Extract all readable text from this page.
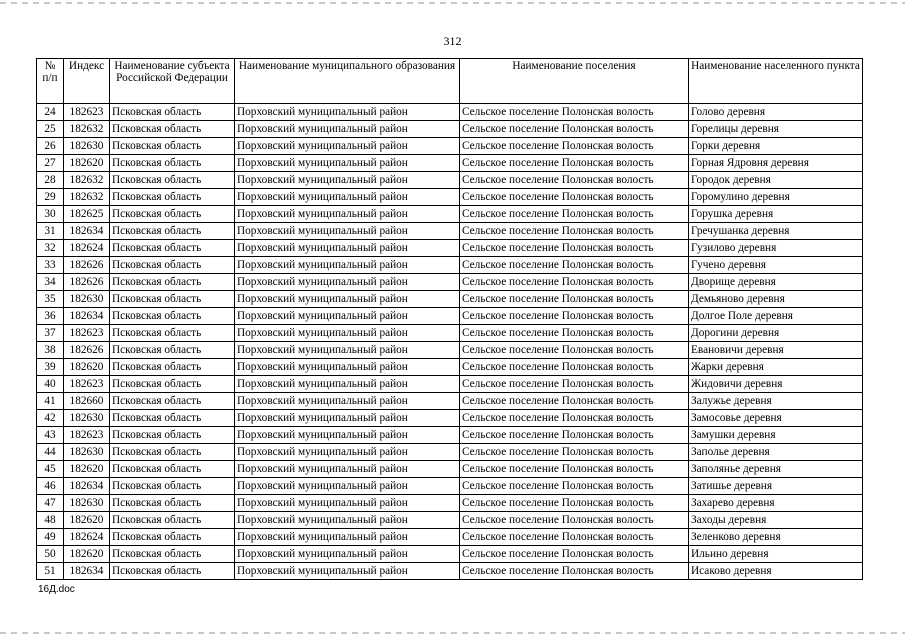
312
№ п/п	Индекс	Наименование субъекта Российской Федерации	Наименование муниципального образования	Наименование поселения	Наименование населенного пункта
24	182623	Псковская область	Порховский муниципальный район	Сельское поселение Полонская волость	Голово деревня
25	182632	Псковская область	Порховский муниципальный район	Сельское поселение Полонская волость	Горелицы деревня
26	182630	Псковская область	Порховский муниципальный район	Сельское поселение Полонская волость	Горки деревня
27	182620	Псковская область	Порховский муниципальный район	Сельское поселение Полонская волость	Горная Ядровня деревня
28	182632	Псковская область	Порховский муниципальный район	Сельское поселение Полонская волость	Городок деревня
29	182632	Псковская область	Порховский муниципальный район	Сельское поселение Полонская волость	Горомулино деревня
30	182625	Псковская область	Порховский муниципальный район	Сельское поселение Полонская волость	Горушка деревня
31	182634	Псковская область	Порховский муниципальный район	Сельское поселение Полонская волость	Гречушанка деревня
32	182624	Псковская область	Порховский муниципальный район	Сельское поселение Полонская волость	Гузилово деревня
33	182626	Псковская область	Порховский муниципальный район	Сельское поселение Полонская волость	Гучено деревня
34	182626	Псковская область	Порховский муниципальный район	Сельское поселение Полонская волость	Дворище деревня
35	182630	Псковская область	Порховский муниципальный район	Сельское поселение Полонская волость	Демьяново деревня
36	182634	Псковская область	Порховский муниципальный район	Сельское поселение Полонская волость	Долгое Поле деревня
37	182623	Псковская область	Порховский муниципальный район	Сельское поселение Полонская волость	Дорогини деревня
38	182626	Псковская область	Порховский муниципальный район	Сельское поселение Полонская волость	Евановичи деревня
39	182620	Псковская область	Порховский муниципальный район	Сельское поселение Полонская волость	Жарки деревня
40	182623	Псковская область	Порховский муниципальный район	Сельское поселение Полонская волость	Жидовичи деревня
41	182660	Псковская область	Порховский муниципальный район	Сельское поселение Полонская волость	Залужье деревня
42	182630	Псковская область	Порховский муниципальный район	Сельское поселение Полонская волость	Замосовье деревня
43	182623	Псковская область	Порховский муниципальный район	Сельское поселение Полонская волость	Замушки деревня
44	182630	Псковская область	Порховский муниципальный район	Сельское поселение Полонская волость	Заполье деревня
45	182620	Псковская область	Порховский муниципальный район	Сельское поселение Полонская волость	Заполянье деревня
46	182634	Псковская область	Порховский муниципальный район	Сельское поселение Полонская волость	Затишье деревня
47	182630	Псковская область	Порховский муниципальный район	Сельское поселение Полонская волость	Захарево деревня
48	182620	Псковская область	Порховский муниципальный район	Сельское поселение Полонская волость	Заходы деревня
49	182624	Псковская область	Порховский муниципальный район	Сельское поселение Полонская волость	Зеленково деревня
50	182620	Псковская область	Порховский муниципальный район	Сельское поселение Полонская волость	Ильино деревня
51	182634	Псковская область	Порховский муниципальный район	Сельское поселение Полонская волость	Исаково деревня
16Д.doc
